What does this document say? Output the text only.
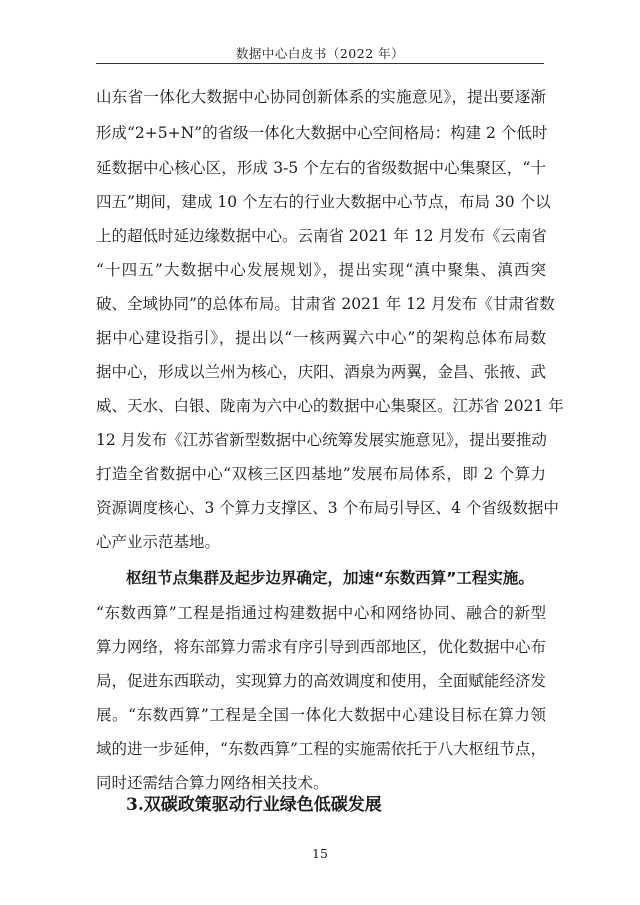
数据中心白皮书（2022 年）
山东省一体化大数据中心协同创新体系的实施意见》，提出要逐渐
形成“2+5+N”的省级一体化大数据中心空间格局：构建 2 个低时
延数据中心核心区，形成 3-5 个左右的省级数据中心集聚区，“十
四五”期间，建成 10 个左右的行业大数据中心节点，布局 30 个以
上的超低时延边缘数据中心。云南省 2021 年 12 月发布《云南省
“十四五”大数据中心发展规划》，提出实现“滇中聚集、滇西突
破、全域协同”的总体布局。甘肃省 2021 年 12 月发布《甘肃省数
据中心建设指引》，提出以“一核两翼六中心”的架构总体布局数
据中心，形成以兰州为核心，庆阳、酒泉为两翼，金昌、张掖、武
威、天水、白银、陇南为六中心的数据中心集聚区。江苏省 2021 年
12 月发布《江苏省新型数据中心统筹发展实施意见》，提出要推动
打造全省数据中心“双核三区四基地”发展布局体系，即 2 个算力
资源调度核心、3 个算力支撑区、3 个布局引导区、4 个省级数据中
心产业示范基地。
枢纽节点集群及起步边界确定，加速“东数西算”工程实施。
“东数西算”工程是指通过构建数据中心和网络协同、融合的新型
算力网络，将东部算力需求有序引导到西部地区，优化数据中心布
局，促进东西联动，实现算力的高效调度和使用，全面赋能经济发
展。“东数西算”工程是全国一体化大数据中心建设目标在算力领
域的进一步延伸，“东数西算”工程的实施需依托于八大枢纽节点，
同时还需结合算力网络相关技术。
3.双碳政策驱动行业绿色低碳发展
15
